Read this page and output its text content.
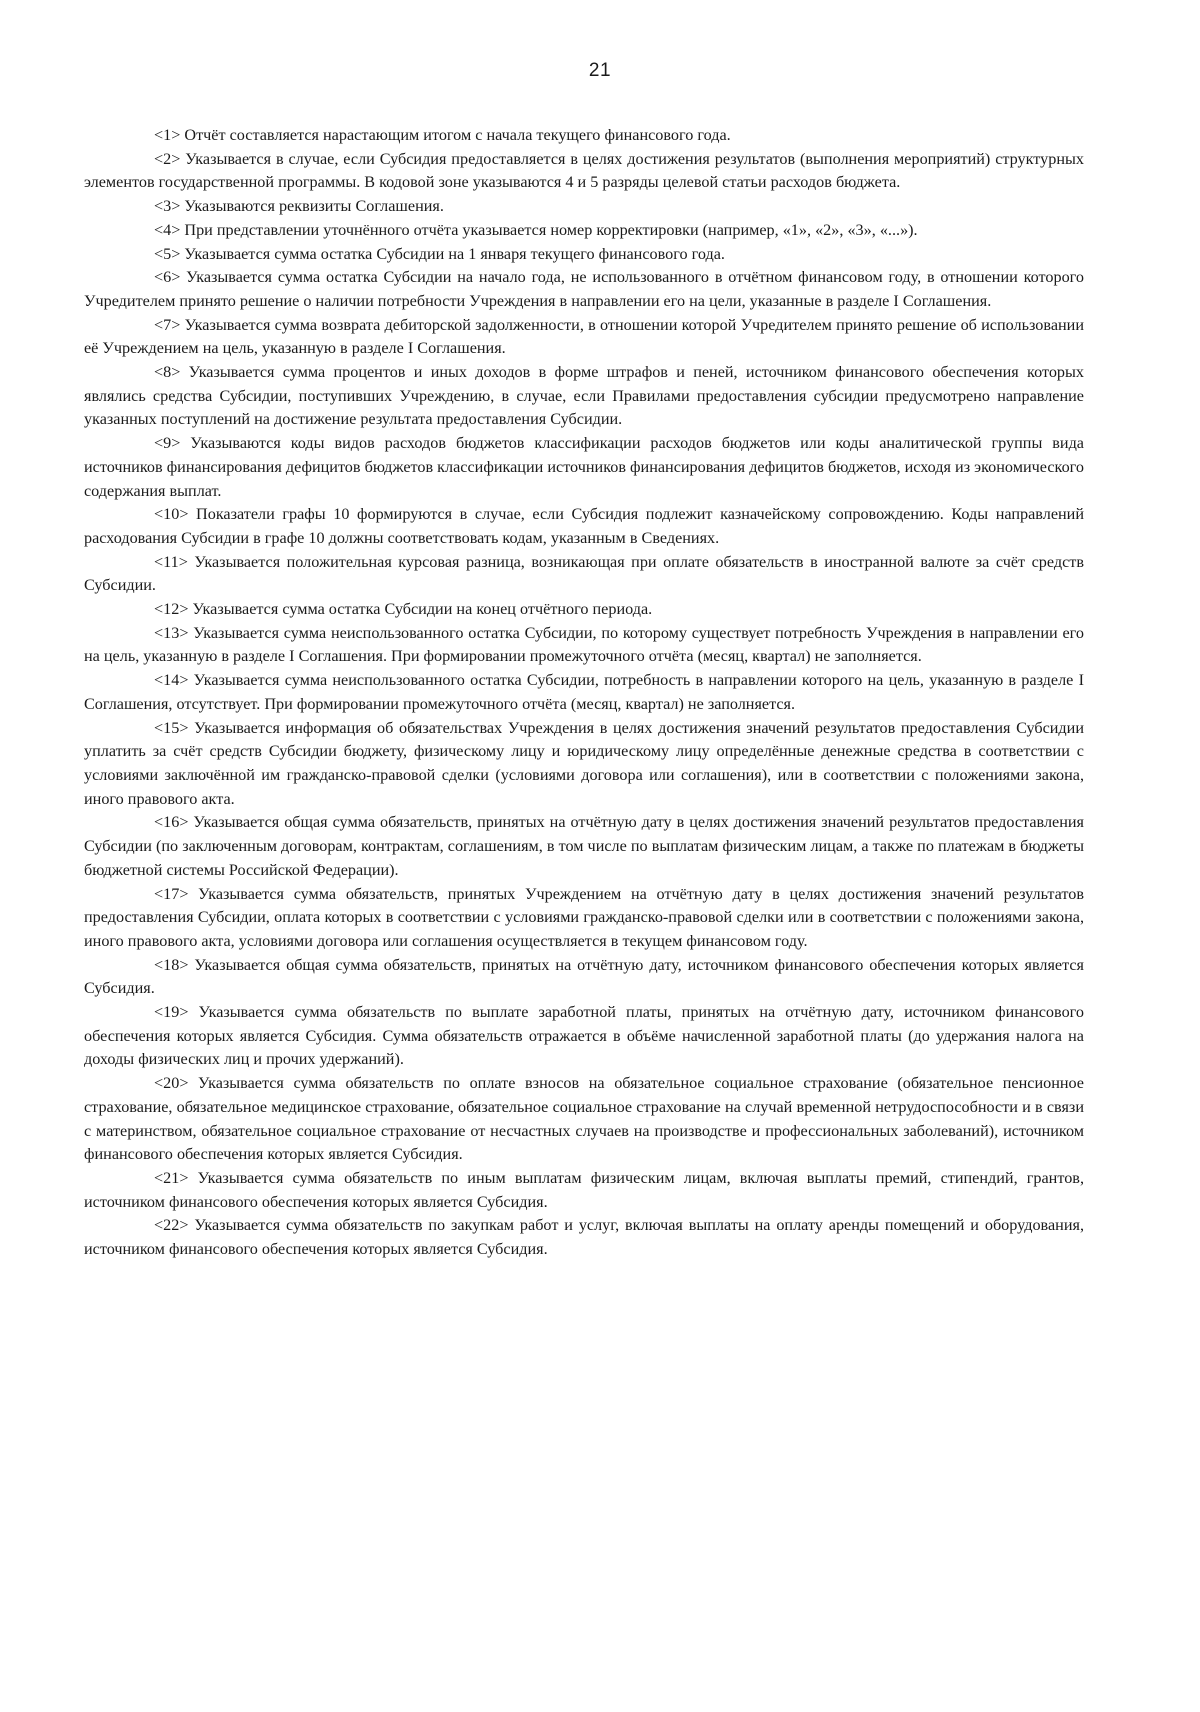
21

<1> Отчёт составляется нарастающим итогом с начала текущего финансового года.

<2> Указывается в случае, если Субсидия предоставляется в целях достижения результатов (выполнения мероприятий) структурных элементов государственной программы. В кодовой зоне указываются 4 и 5 разряды целевой статьи расходов бюджета.

<3> Указываются реквизиты Соглашения.

<4> При представлении уточнённого отчёта указывается номер корректировки (например, «1», «2», «3», «...»).

<5> Указывается сумма остатка Субсидии на 1 января текущего финансового года.

<6> Указывается сумма остатка Субсидии на начало года, не использованного в отчётном финансовом году, в отношении которого Учредителем принято решение о наличии потребности Учреждения в направлении его на цели, указанные в разделе I Соглашения.

<7> Указывается сумма возврата дебиторской задолженности, в отношении которой Учредителем принято решение об использовании её Учреждением на цель, указанную в разделе I Соглашения.

<8> Указывается сумма процентов и иных доходов в форме штрафов и пеней, источником финансового обеспечения которых являлись средства Субсидии, поступивших Учреждению, в случае, если Правилами предоставления субсидии предусмотрено направление указанных поступлений на достижение результата предоставления Субсидии.

<9> Указываются коды видов расходов бюджетов классификации расходов бюджетов или коды аналитической группы вида источников финансирования дефицитов бюджетов классификации источников финансирования дефицитов бюджетов, исходя из экономического содержания выплат.

<10> Показатели графы 10 формируются в случае, если Субсидия подлежит казначейскому сопровождению. Коды направлений расходования Субсидии в графе 10 должны соответствовать кодам, указанным в Сведениях.

<11> Указывается положительная курсовая разница, возникающая при оплате обязательств в иностранной валюте за счёт средств Субсидии.

<12> Указывается сумма остатка Субсидии на конец отчётного периода.

<13> Указывается сумма неиспользованного остатка Субсидии, по которому существует потребность Учреждения в направлении его на цель, указанную в разделе I Соглашения. При формировании промежуточного отчёта (месяц, квартал) не заполняется.

<14> Указывается сумма неиспользованного остатка Субсидии, потребность в направлении которого на цель, указанную в разделе I Соглашения, отсутствует. При формировании промежуточного отчёта (месяц, квартал) не заполняется.

<15> Указывается информация об обязательствах Учреждения в целях достижения значений результатов предоставления Субсидии уплатить за счёт средств Субсидии бюджету, физическому лицу и юридическому лицу определённые денежные средства в соответствии с условиями заключённой им гражданско-правовой сделки (условиями договора или соглашения), или в соответствии с положениями закона, иного правового акта.

<16> Указывается общая сумма обязательств, принятых на отчётную дату в целях достижения значений результатов предоставления Субсидии (по заключенным договорам, контрактам, соглашениям, в том числе по выплатам физическим лицам, а также по платежам в бюджеты бюджетной системы Российской Федерации).

<17> Указывается сумма обязательств, принятых Учреждением на отчётную дату в целях достижения значений результатов предоставления Субсидии, оплата которых в соответствии с условиями гражданско-правовой сделки или в соответствии с положениями закона, иного правового акта, условиями договора или соглашения осуществляется в текущем финансовом году.

<18> Указывается общая сумма обязательств, принятых на отчётную дату, источником финансового обеспечения которых является Субсидия.

<19> Указывается сумма обязательств по выплате заработной платы, принятых на отчётную дату, источником финансового обеспечения которых является Субсидия. Сумма обязательств отражается в объёме начисленной заработной платы (до удержания налога на доходы физических лиц и прочих удержаний).

<20> Указывается сумма обязательств по оплате взносов на обязательное социальное страхование (обязательное пенсионное страхование, обязательное медицинское страхование, обязательное социальное страхование на случай временной нетрудоспособности и в связи с материнством, обязательное социальное страхование от несчастных случаев на производстве и профессиональных заболеваний), источником финансового обеспечения которых является Субсидия.

<21> Указывается сумма обязательств по иным выплатам физическим лицам, включая выплаты премий, стипендий, грантов, источником финансового обеспечения которых является Субсидия.

<22> Указывается сумма обязательств по закупкам работ и услуг, включая выплаты на оплату аренды помещений и оборудования, источником финансового обеспечения которых является Субсидия.
